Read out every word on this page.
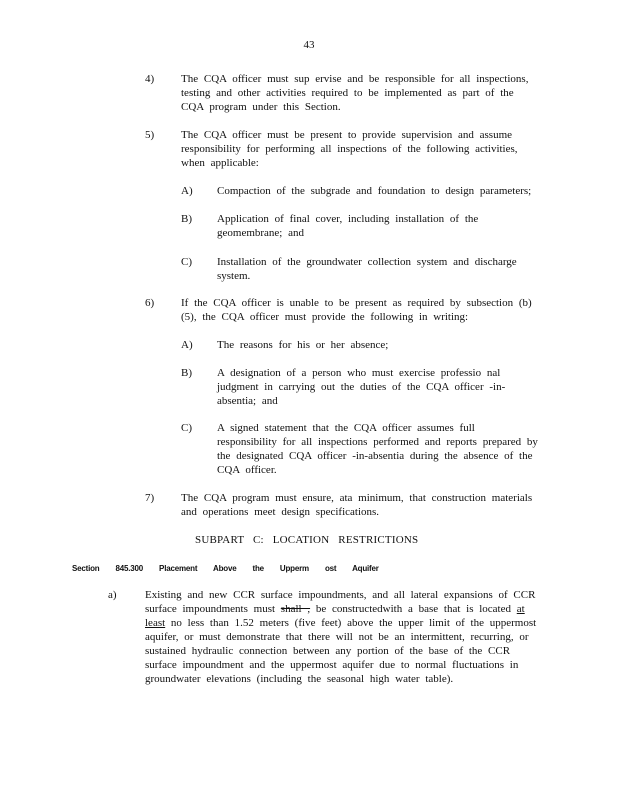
43
4)	The CQA officer must sup ervise and be responsible for all inspections, testing and other activities required to be implemented as part of the CQA program under this Section.
5)	The CQA officer must be present to provide supervision and assume responsibility for performing all inspections of the following activities, when applicable:
A)	Compaction of the subgrade and foundation to design parameters;
B)	Application of final cover, including installation of the geomembrane; and
C)	Installation of the groundwater collection system and discharge system.
6)	If the CQA officer is unable to be present as required by subsection (b)(5), the CQA officer must provide the following in writing:
A)	The reasons for his or her absence;
B)	A designation of a person who must exercise professio nal judgment in carrying out the duties of the CQA officer -in-absentia; and
C)	A signed statement that the CQA officer assumes full responsibility for all inspections performed and reports prepared by the designated CQA officer -in-absentia during the absence of the CQA officer.
7)	The CQA program must ensure, ata minimum, that construction materials and operations meet design specifications.
SUBPART C: LOCATION RESTRICTIONS
Section 845.300 Placement Above the Upperm ost Aquifer
a)	Existing and new CCR surface impoundments, and all lateral expansions of CCR surface impoundments must shall , be constructedwith a base that is located at least no less than 1.52 meters (five feet) above the upper limit of the uppermost aquifer, or must demonstrate that there will not be an intermittent, recurring, or sustained hydraulic connection between any portion of the base of the CCR surface impoundment and the uppermost aquifer due to normal fluctuations in groundwater elevations (including the seasonal high water table).
